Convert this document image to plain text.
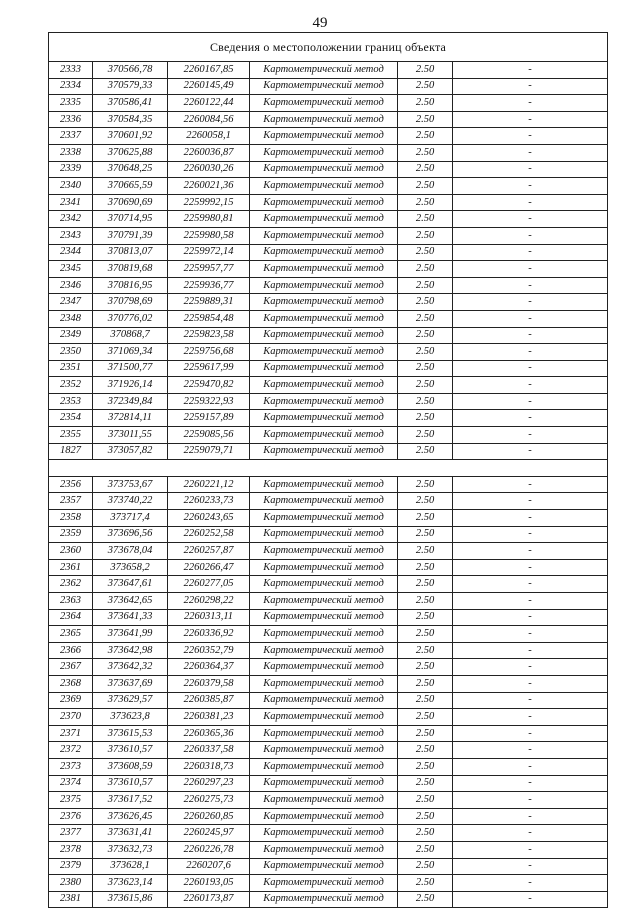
49
Сведения о местоположении границ объекта					
2333	370566,78	2260167,85	Картометрический метод	2.50	-
2334	370579,33	2260145,49	Картометрический метод	2.50	-
2335	370586,41	2260122,44	Картометрический метод	2.50	-
2336	370584,35	2260084,56	Картометрический метод	2.50	-
2337	370601,92	2260058,1	Картометрический метод	2.50	-
2338	370625,88	2260036,87	Картометрический метод	2.50	-
2339	370648,25	2260030,26	Картометрический метод	2.50	-
2340	370665,59	2260021,36	Картометрический метод	2.50	-
2341	370690,69	2259992,15	Картометрический метод	2.50	-
2342	370714,95	2259980,81	Картометрический метод	2.50	-
2343	370791,39	2259980,58	Картометрический метод	2.50	-
2344	370813,07	2259972,14	Картометрический метод	2.50	-
2345	370819,68	2259957,77	Картометрический метод	2.50	-
2346	370816,95	2259936,77	Картометрический метод	2.50	-
2347	370798,69	2259889,31	Картометрический метод	2.50	-
2348	370776,02	2259854,48	Картометрический метод	2.50	-
2349	370868,7	2259823,58	Картометрический метод	2.50	-
2350	371069,34	2259756,68	Картометрический метод	2.50	-
2351	371500,77	2259617,99	Картометрический метод	2.50	-
2352	371926,14	2259470,82	Картометрический метод	2.50	-
2353	372349,84	2259322,93	Картометрический метод	2.50	-
2354	372814,11	2259157,89	Картометрический метод	2.50	-
2355	373011,55	2259085,56	Картометрический метод	2.50	-
1827	373057,82	2259079,71	Картометрический метод	2.50	-

2356	373753,67	2260221,12	Картометрический метод	2.50	-
2357	373740,22	2260233,73	Картометрический метод	2.50	-
2358	373717,4	2260243,65	Картометрический метод	2.50	-
2359	373696,56	2260252,58	Картометрический метод	2.50	-
2360	373678,04	2260257,87	Картометрический метод	2.50	-
2361	373658,2	2260266,47	Картометрический метод	2.50	-
2362	373647,61	2260277,05	Картометрический метод	2.50	-
2363	373642,65	2260298,22	Картометрический метод	2.50	-
2364	373641,33	2260313,11	Картометрический метод	2.50	-
2365	373641,99	2260336,92	Картометрический метод	2.50	-
2366	373642,98	2260352,79	Картометрический метод	2.50	-
2367	373642,32	2260364,37	Картометрический метод	2.50	-
2368	373637,69	2260379,58	Картометрический метод	2.50	-
2369	373629,57	2260385,87	Картометрический метод	2.50	-
2370	373623,8	2260381,23	Картометрический метод	2.50	-
2371	373615,53	2260365,36	Картометрический метод	2.50	-
2372	373610,57	2260337,58	Картометрический метод	2.50	-
2373	373608,59	2260318,73	Картометрический метод	2.50	-
2374	373610,57	2260297,23	Картометрический метод	2.50	-
2375	373617,52	2260275,73	Картометрический метод	2.50	-
2376	373626,45	2260260,85	Картометрический метод	2.50	-
2377	373631,41	2260245,97	Картометрический метод	2.50	-
2378	373632,73	2260226,78	Картометрический метод	2.50	-
2379	373628,1	2260207,6	Картометрический метод	2.50	-
2380	373623,14	2260193,05	Картометрический метод	2.50	-
2381	373615,86	2260173,87	Картометрический метод	2.50	-
